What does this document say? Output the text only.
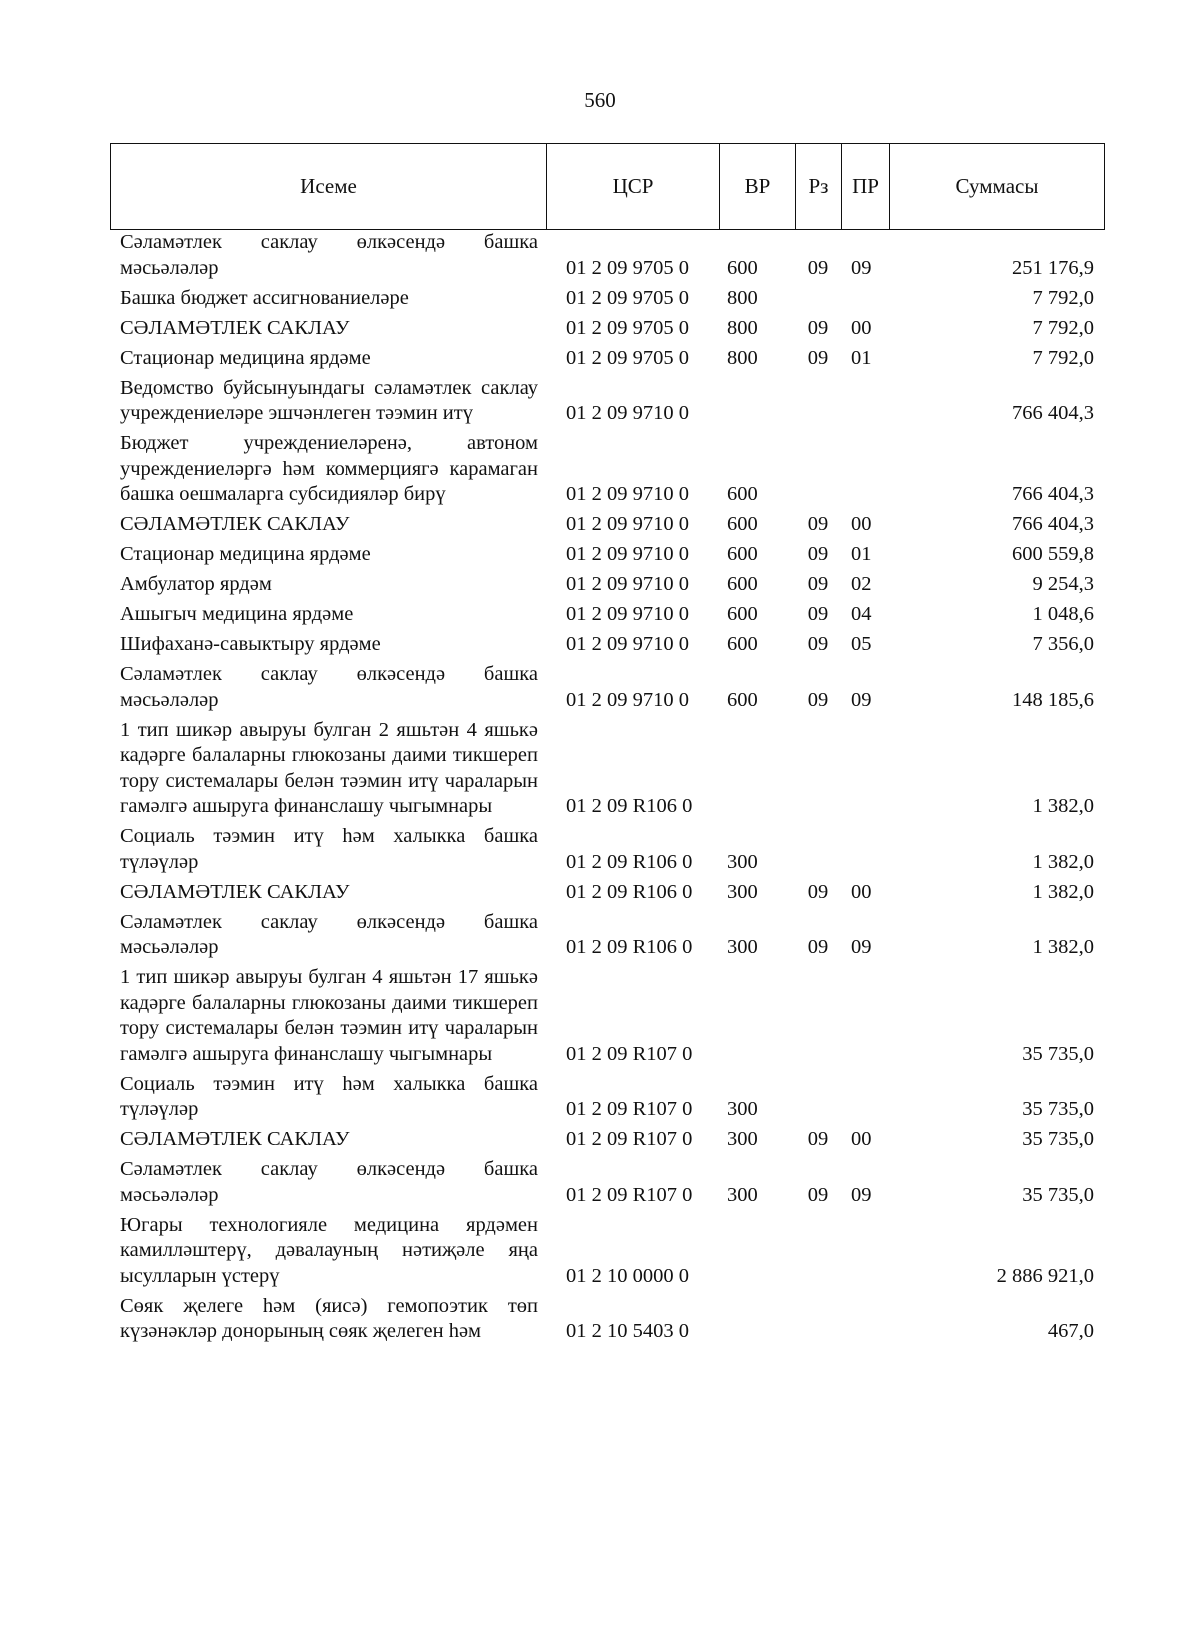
560
Исеме	ЦСР	ВР	Рз	ПР	Суммасы
Сәламәтлек саклау өлкәсендә башка мәсьәләләр	01 2 09 9705 0	600	09	09	251 176,9
Башка бюджет ассигнованиеләре	01 2 09 9705 0	800			7 792,0
СӘЛАМӘТЛЕК САКЛАУ	01 2 09 9705 0	800	09	00	7 792,0
Стационар медицина ярдәме	01 2 09 9705 0	800	09	01	7 792,0
Ведомство буйсынуындагы сәламәтлек саклау учреждениеләре эшчәнлеген тәэмин итү	01 2 09 9710 0				766 404,3
Бюджет учреждениеләренә, автоном учреждениеләргә һәм коммерциягә карамаган башка оешмаларга субсидияләр бирү	01 2 09 9710 0	600			766 404,3
СӘЛАМӘТЛЕК САКЛАУ	01 2 09 9710 0	600	09	00	766 404,3
Стационар медицина ярдәме	01 2 09 9710 0	600	09	01	600 559,8
Амбулатор ярдәм	01 2 09 9710 0	600	09	02	9 254,3
Ашыгыч медицина ярдәме	01 2 09 9710 0	600	09	04	1 048,6
Шифаханә-савыктыру ярдәме	01 2 09 9710 0	600	09	05	7 356,0
Сәламәтлек саклау өлкәсендә башка мәсьәләләр	01 2 09 9710 0	600	09	09	148 185,6
1 тип шикәр авыруы булган 2 яшьтән 4 яшькә кадәрге балаларны глюкозаны даими тикшереп тору системалары белән тәэмин итү чараларын гамәлгә ашыруга финанслашу чыгымнары	01 2 09 R106 0				1 382,0
Социаль тәэмин итү һәм халыкка башка түләүләр	01 2 09 R106 0	300			1 382,0
СӘЛАМӘТЛЕК САКЛАУ	01 2 09 R106 0	300	09	00	1 382,0
Сәламәтлек саклау өлкәсендә башка мәсьәләләр	01 2 09 R106 0	300	09	09	1 382,0
1 тип шикәр авыруы булган 4 яшьтән 17 яшькә кадәрге балаларны глюкозаны даими тикшереп тору системалары белән тәэмин итү чараларын гамәлгә ашыруга финанслашу чыгымнары	01 2 09 R107 0				35 735,0
Социаль тәэмин итү һәм халыкка башка түләүләр	01 2 09 R107 0	300			35 735,0
СӘЛАМӘТЛЕК САКЛАУ	01 2 09 R107 0	300	09	00	35 735,0
Сәламәтлек саклау өлкәсендә башка мәсьәләләр	01 2 09 R107 0	300	09	09	35 735,0
Югары технологияле медицина ярдәмен камилләштерү, дәвалауның нәтиҗәле яңа ысулларын үстерү	01 2 10 0000 0				2 886 921,0
Сөяк җелеге һәм (яисә) гемопоэтик төп күзәнәкләр донорының сөяк җелеген һәм	01 2 10 5403 0				467,0
